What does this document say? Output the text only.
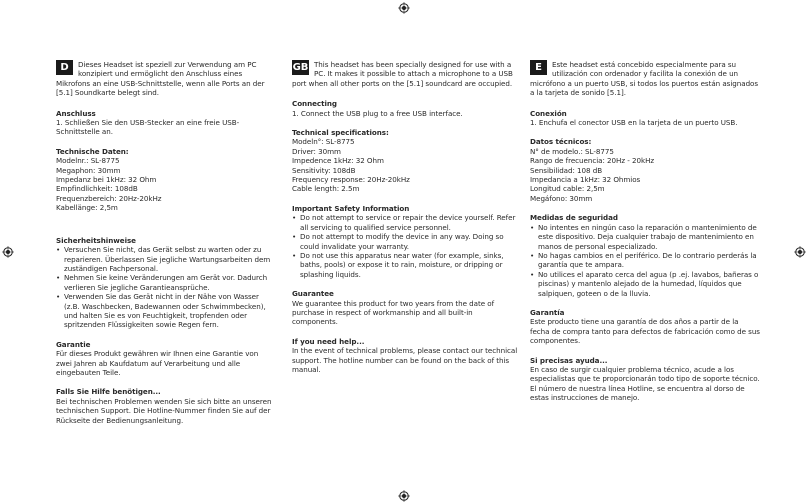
D	Dieses Headset ist speziell zur Verwendung am PC konzipiert und ermöglicht den Anschluss eines Mikrofons an eine USB-Schnittstelle, wenn alle Ports an der [5.1] Soundkarte belegt sind.

Anschluss

1. Schließen Sie den USB-Stecker an eine freie USB-Schnittstelle an.

Technische Daten:

Modelnr.: SL-8775

Megaphon: 30mm

Impedanz bei 1kHz: 32 Ohm

Empfindlichkeit: 108dB

Frequenzbereich: 20Hz-20kHz

Kabellänge: 2,5m

Sicherheitshinweise

• Versuchen Sie nicht, das Gerät selbst zu warten oder zu reparieren. Überlassen Sie jegliche Wartungsarbeiten dem zuständigen Fachpersonal.
• Nehmen Sie keine Veränderungen am Gerät vor. Dadurch verlieren Sie jegliche Garantieansprüche.
• Verwenden Sie das Gerät nicht in der Nähe von Wasser (z.B. Waschbecken, Badewannen oder Schwimmbecken), und halten Sie es von Feuchtigkeit, tropfenden oder spritzenden Flüssigkeiten sowie Regen fern.

Garantie

Für dieses Produkt gewähren wir Ihnen eine Garantie von zwei Jahren ab Kaufdatum auf Verarbeitung und alle eingebauten Teile.

Falls Sie Hilfe benötigen...

Bei technischen Problemen wenden Sie sich bitte an unseren technischen Support. Die Hotline-Nummer finden Sie auf der Rückseite der Bedienungsanleitung.

GB This headset has been specially designed for use with a PC. It makes it possible to attach a microphone to a USB port when all other ports on the [5.1] soundcard are occupied.

Connecting

1. Connect the USB plug to a free USB interface.

Technical specifications:

Modeln°: SL-8775

Driver: 30mm

Impedence 1kHz: 32 Ohm

Sensitivity: 108dB

Frequency response: 20Hz-20kHz

Cable length: 2.5m

Important Safety Information

• Do not attempt to service or repair the device yourself. Refer all servicing to qualified service personnel.
• Do not attempt to modify the device in any way. Doing so could invalidate your warranty.
• Do not use this apparatus near water (for example, sinks, baths, pools) or expose it to rain, moisture, or dripping or splashing liquids.

Guarantee

We guarantee this product for two years from the date of purchase in respect of workmanship and all built-in components.

If you need help...

In the event of technical problems, please contact our technical support. The hotline number can be found on the back of this manual.

E	Este headset está concebido especialmente para su utilización con ordenador y facilita la conexión de un micrófono a un puerto USB, si todos los puertos están asignados a la tarjeta de sonido [5.1].

Conexión

1. Enchufa el conector USB en la tarjeta de un puerto USB.

Datos técnicos:

N° de modelo.: SL-8775

Rango de frecuencia: 20Hz - 20kHz

Sensibilidad: 108 dB

Impedancia a 1kHz: 32 Ohmios

Longitud cable: 2,5m

Megáfono: 30mm

Medidas de seguridad

• No intentes en ningún caso la reparación o mantenimiento de este dispositivo. Deja cualquier trabajo de mantenimiento en manos de personal especializado.
• No hagas cambios en el periférico. De lo contrario perderás la garantía que te ampara.
• No utilices el aparato cerca del agua (p .ej. lavabos, bañeras o piscinas) y mantenlo alejado de la humedad, líquidos que salpiquen, goteen o de la lluvia.

Garantía

Este producto tiene una garantía de dos años a partir de la fecha de compra tanto para defectos de fabricación como de sus componentes.

Si precisas ayuda...

En caso de surgir cualquier problema técnico, acude a los especialistas que te proporcionarán todo tipo de soporte técnico. El número de nuestra línea Hotline, se encuentra al dorso de estas instrucciones de manejo.
